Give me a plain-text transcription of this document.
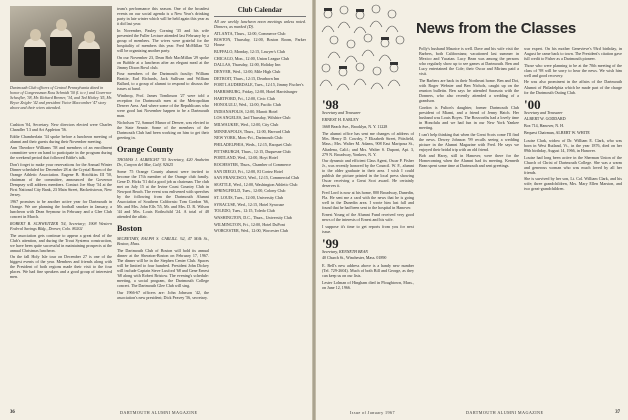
Dartmouth Club officers of Central Pennsylvania dined in honor of Congressman Ross Schmidt '50 (l. to r.) and Governor Scheufler, '38, Mr. Richard Bremer, '34, and Ted Hickey '45, Mr. Bryce Zeigler '42 and president Victor Maccomber '47 story above and their wives attended.

Cushion '04, Secretary. New directors elected were Charles Chandler '13 and Art Appleton '56.

Eddie Chamberlain '34 spoke before a luncheon meeting of alumni and their guests during their November meeting.

Ann Theodore Williams '58 and members of an enrollment committee were on hand to participate in the program during the weekend period that followed Eddie's talk.

Don't forget to make your reservations for the Annual Winter Dinner scheduled for December 28 at the Crystal Room of the Orange Athletic Association. Eugene B. Hotchkiss III '50, chairman of the committee, announced the Governor Dempsey will address members. Contact Joe Shay '54 at the First National City Bank, 23 Main Street, Hackettstown, New Jersey.

1967 promises to be another active year for Dartmouth in Orange. We are planning the football smoker in January, a luncheon with Dean Seymour in February and a Glee Club concert in March.

ROBERT B. SCHWEITZER '54, Secretary; 1908 Western Federal Savings Bldg., Denver, Colo. 80202

The association gets continue to appear a great deal of the Club's attention, and during the Trout Systems construction, we have been quite successful in maintaining prospects at the annual Christmas luncheon.

On the fall Holy Isle tour on December 27 is one of the biggest events of the year. Members and friends along with the President of both regions made their visit to the four places. We had fine speakers and a good group of interested men.

team's performance this season. One of the broadest events on our social agenda is a New Year's drinking party in late winter which will be held again this year as it did last year.

In November, Pauley Corning '35 and his wife presented the Fuller Lecture attended last February by a group of members. The wives were grateful for the hospitality of members this year. Fred McMillan '52 will be organizing another party.

On our November 23, Dean Bob MacMillan '29 spoke on Bubble at a luncheon after an elegant meal at the Jimmy Dixon Bowl club.

Four members of the Dartmouth faculty: William Beattie, Earl Richards, Jack Sullivan and William Ballard, to a group of alumni to respond to discuss the issues at hand.

Winthrop, Prof. James Tomlinson '27 were told a reception for Dartmouth men at the Metropolitan Denver Area. And where some of the Republicans who were good last November happen to be a Dartmouth man.

Nicholson '72, Samuel Manor of Denver, was elected to the State Senate. Some of the members of the Dartmouth Club had been working on him to get their greeting in.

Orange County

THOMAS J. ALBRIGHT '53 Secretary, 420 Anaheim Dr., Canyon del Mar, Calif. 92625

Some 75 Orange County alumni were invited to become the 17th member of the Orange club family. Gene D. Hicks '51 did a good job as chairman. The club met on July 15 at the Irvine Coast Country Club in Newport Beach. The event was enlivened with speeches by the following from the Dartmouth Alumni Association of Southern California: Tom Gordon '66, Mr. and Mrs. John Ells '55, Mr. and Mrs. D. R. Wilson '44 and Mrs. Louis Rothschild '24. A total of 48 attended the affair.

Boston

SECRETARY, RALPH S. CARLILL '62, 47 Milk St., Boston, Mass.

The Dartmouth Club of Boston will hold its annual dinner at the Sheraton-Boston on February 17, 1967. The dinner will be in the Stephen Center Club. Spaces will be limited to four hundred. President John Dickey will include Captain Steve Luxford '68 and Gene Ernest '68 along with Robert Bristow. The evening's schedule: meeting, a social program, the Dartmouth College concert. The Dartmouth Glee Club will sing.

Our 1966-67 officers are: John Johnson '42, the association's new president; Dick Peavey '56, secretary.

Club Calendar

All are weekly luncheon noon meetings unless noted. Dinners, as marked (D).

ATLANTA, Thurs., 12:00, Commerce Club

BOSTON, Thursday, 12:00, Boston Room, Parker House

BUFFALO, Monday, 12:15, Lawyer's Club

CHICAGO, Mon., 12:00, Union League Club

DALLAS, Thursday, 12:00, Holiday Inn

DENVER, Wed., 12:00, Mile High Club

DETROIT, Thurs., 12:15, Dearborn Inn

FORT LAUDERDALE, Tues., 12:15, Jimmy Fischer's

HARRISBURG, Friday, 12:00, Hotel Harrisburger

HARTFORD, Fri., 12:00, Civic Club

HONOLULU, Wed., 12:00, Pacific Club

INDIANAPOLIS, 12:00, Marott Hotel

LOS ANGELES, 2nd Thursday, Wilshire Club

MILWAUKEE, Wed., 12:00, City Club

MINNEAPOLIS, Thurs., 12:00, Harvard Club

NEW YORK, Mon.-Fri., Dartmouth Club

PHILADELPHIA, Weds., 12:15, Racquet Club

PITTSBURGH, Thurs., 12:15, Duquesne Club

PORTLAND, Wed., 12:00, Hoyt Hotel

ROCHESTER, Thurs., Chamber of Commerce

SAN DIEGO, Fri., 12:00, El Cortez Hotel

SAN FRANCISCO, Wed., 12:15, Commercial Club

SEATTLE, Wed., 12:00, Washington Athletic Club

SPRINGFIELD, Tues., 12:00, Colony Club

ST. LOUIS, Tues., 12:00, University Club

SYRACUSE, Wed., 12:15, Hotel Syracuse

TOLEDO, Tues., 12:15, Toledo Club

WASHINGTON, D.C., Thurs., University Club

WILMINGTON, Fri., 12:00, Hotel DuPont

WORCESTER, Wed., 12:00, Worcester Club

36	DARTMOUTH ALUMNI MAGAZINE
News from the Classes
'98
Secretary and Treasurer
ERNEST H. EARLEY
1668 Beach Ave., Brooklyn, N. Y. 11228

The alumni office has sent me changes of address of Mrs. Henry D. Cowdry, 7 Elizabeth Street, Pittsfield, Mass.; Mrs. Walter M. Adams, 908 East Mariposa St., Altadena, Calif.; and Mrs. Walter S. Dupont, Apt. 3, 279 N. Broadway, Yonkers, N. Y.

Our dynamic and efficient Class Agent, Oscar P. Fisher Jr., was recently honored by the Council. W. F., alumni to the older graduate in their area. I wish I could publish the picture printed in the local press showing Oscar receiving a Great Scot award. He certainly deserves it.

Fred Lord is now at his home, 800 Broadway, Dunedin, Fla. He sent me a card with the news that he is going well in the Dunedin area. I wrote him last fall and found that he had been sent to the hospital in Hanover.

Ernest Young of the Alumni Fund received very good news of the interests of Ernest and his wife.

I suppose it's time to get reports from you for next issue.

'99
Secretary, KENNETH BEAN
40 Church St., Winchester, Mass. 01890

E. Bell's new address above is a handy new number (Tel. 729-2604). Much of both Bill and George, as they can keep us on our lists.

Lester Lolman of Hingham died in Ploughtown, Mass., on June 12, 1966.

Polly's husband Maurice is well. Dave and his wife visit the Barbers, both Californians; vacationed last summer in Mexico and Yucatan. Lucy Bean was among the persons who regularly show up to see games at Dartmouth. Ben and Lucy entertained the Cole; their Oscar and Miriam paid a visit.

The Barbers are back in their Northeast home. Ben and Dot, with Roger Webster and Ben Nichols, caught up on the reunion bulletin. Ben says he attended Sarasota with the Donners, who also recently attended a wedding of a grandson.

Gordon is Fulton's daughter, former Dartmouth Club president of Miami, and a friend of Jenny Hatch. Her husband was Louis Boyes. The Bosworths had a lovely time in Honolulu and we had fun in our New York Yankee meeting.

I can't help thinking that when the Great Scots come I'll find the news. Dewey Johnson '99 recalls seeing a wedding picture in the Alumni Magazine with Fred. He says we enjoyed their bridal trip with an old friend.

Bob and Harry, still in Hanover, were there for the Homecoming when the Alumni had its meeting. Kenneth Bean spent some time at Dartmouth and sent greetings.

war expert. On his mother Genevieve's 93rd birthday, in August he came back to town. The President's citation gave full credit to Fisher as a Dartmouth pioneer.

Those who were planning to be at the 70th meeting of the class of '98 will be sorry to hear the news. We wish him well and good recovery.

He was also prominent in the affairs of the Dartmouth Alumni of Philadelphia which he made part of the charge for the Dartmouth Outing Club.

'00
Secretary and Treasurer
ALBERT W. GODDARD
Box 714, Hanover, N. H.
Bequest Chairman, ALBERT W. WHITE

Louise Clark, widow of Dr. William E. Clark, who was born in West Rutland, Vt., in the year 1876, died on her 89th birthday, August 14, 1966, in Hanover.

Louise had long been active in the Sherman Union of the Church of Christ of Dartmouth College. She was a warm and generous woman who was much loved by all her friends.

She is survived by her son, Lt. Col. William Clark, and his wife; three grandchildren, Mrs. Mary Ellen Marston, and two great-grandchildren.

Issue of January 1967	DARTMOUTH ALUMNI MAGAZINE	37
